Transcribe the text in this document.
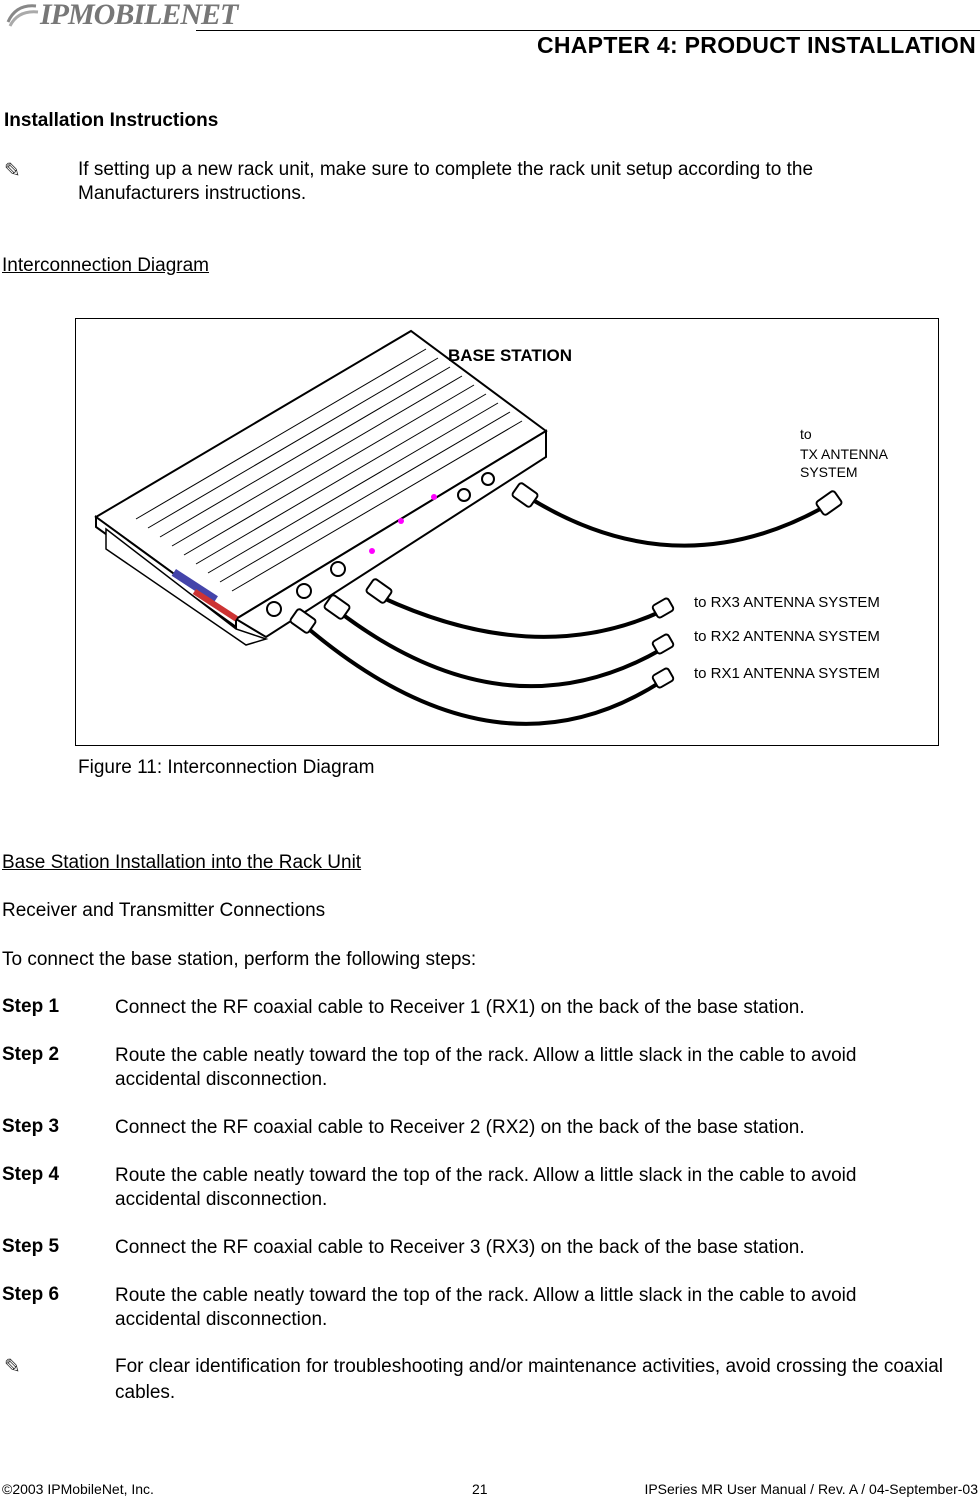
IPMOBILENET
CHAPTER 4: PRODUCT INSTALLATION
Installation Instructions
✎	If setting up a new rack unit, make sure to complete the rack unit setup according to the Manufacturers instructions.
Interconnection Diagram
BASE STATION
to
TX ANTENNA
SYSTEM
to RX3 ANTENNA SYSTEM
to RX2 ANTENNA SYSTEM
to RX1 ANTENNA SYSTEM
Figure 11: Interconnection Diagram
Base Station Installation into the Rack Unit
Receiver and Transmitter Connections
To connect the base station, perform the following steps:
Step 1	Connect the RF coaxial cable to Receiver 1 (RX1) on the back of the base station.
Step 2	Route the cable neatly toward the top of the rack. Allow a little slack in the cable to avoid accidental disconnection.
Step 3	Connect the RF coaxial cable to Receiver 2 (RX2) on the back of the base station.
Step 4	Route the cable neatly toward the top of the rack. Allow a little slack in the cable to avoid accidental disconnection.
Step 5	Connect the RF coaxial cable to Receiver 3 (RX3) on the back of the base station.
Step 6	Route the cable neatly toward the top of the rack. Allow a little slack in the cable to avoid accidental disconnection.
✎	For clear identification for troubleshooting and/or maintenance activities, avoid crossing the coaxial cables.
©2003 IPMobileNet, Inc.	21	IPSeries MR User Manual / Rev. A / 04-September-03
